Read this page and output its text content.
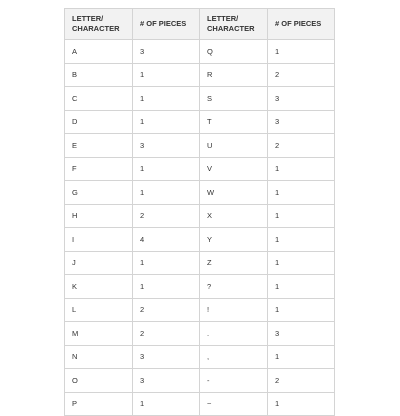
LETTER/ CHARACTER	# OF PIECES	LETTER/ CHARACTER	# OF PIECES
A	3	Q	1
B	1	R	2
C	1	S	3
D	1	T	3
E	3	U	2
F	1	V	1
G	1	W	1
H	2	X	1
I	4	Y	1
J	1	Z	1
K	1	?	1
L	2	!	1
M	2	.	3
N	3	,	1
O	3	-	2
P	1	~	1
